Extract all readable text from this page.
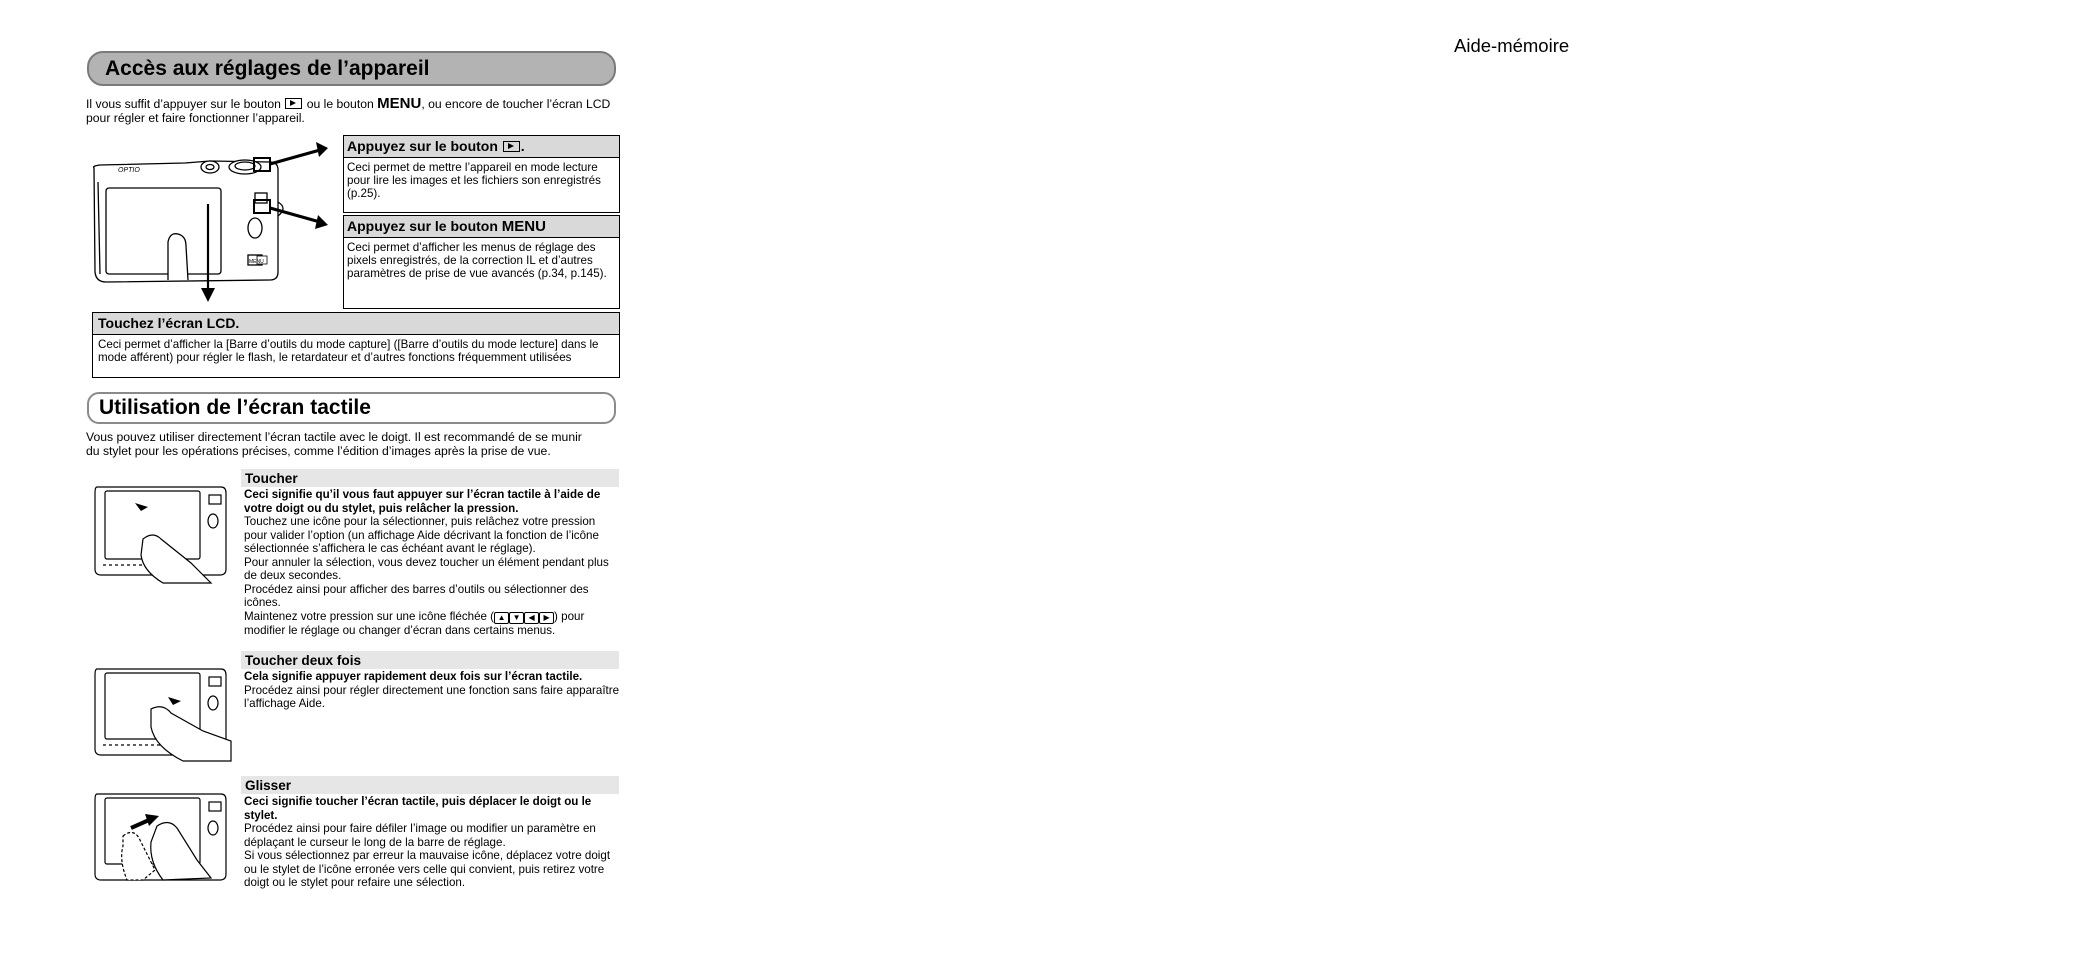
Aide-mémoire
Accès aux réglages de l’appareil
Il vous suffit d’appuyer sur le bouton ou le bouton MENU, ou encore de toucher l’écran LCD
pour régler et faire fonctionner l’appareil.
OPTIO
MENU
Appuyez sur le bouton .
Ceci permet de mettre l’appareil en mode lecture pour lire les images et les fichiers son enregistrés (p.25).
Appuyez sur le bouton MENU
Ceci permet d’afficher les menus de réglage des pixels enregistrés, de la correction IL et d’autres paramètres de prise de vue avancés (p.34, p.145).
Touchez l’écran LCD.
Ceci permet d’afficher la [Barre d’outils du mode capture] ([Barre d’outils du mode lecture] dans le mode afférent) pour régler le flash, le retardateur et d’autres fonctions fréquemment utilisées
Utilisation de l’écran tactile
Vous pouvez utiliser directement l’écran tactile avec le doigt. Il est recommandé de se munir
du stylet pour les opérations précises, comme l’édition d’images après la prise de vue.
Toucher
Ceci signifie qu’il vous faut appuyer sur l’écran tactile à l’aide de votre doigt ou du stylet, puis relâcher la pression.
Touchez une icône pour la sélectionner, puis relâchez votre pression pour valider l’option (un affichage Aide décrivant la fonction de l’icône sélectionnée s’affichera le cas échéant avant le réglage).
Pour annuler la sélection, vous devez toucher un élément pendant plus de deux secondes.
Procédez ainsi pour afficher des barres d’outils ou sélectionner des icônes.
Maintenez votre pression sur une icône fléchée ( ▲ ▼ ◀ ▶ ) pour modifier le réglage ou changer d’écran dans certains menus.
Toucher deux fois
Cela signifie appuyer rapidement deux fois sur l’écran tactile.
Procédez ainsi pour régler directement une fonction sans faire apparaître l’affichage Aide.
Glisser
Ceci signifie toucher l’écran tactile, puis déplacer le doigt ou le stylet.
Procédez ainsi pour faire défiler l’image ou modifier un paramètre en déplaçant le curseur le long de la barre de réglage.
Si vous sélectionnez par erreur la mauvaise icône, déplacez votre doigt ou le stylet de l’icône erronée vers celle qui convient, puis retirez votre doigt ou le stylet pour refaire une sélection.
